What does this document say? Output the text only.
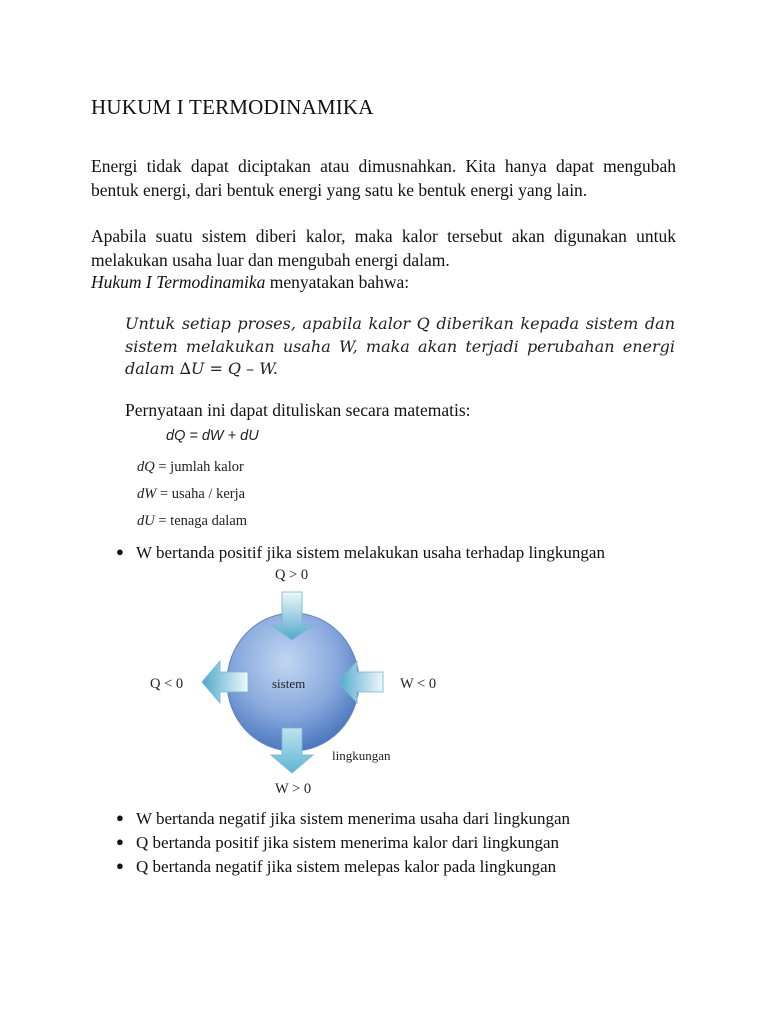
HUKUM I TERMODINAMIKA

Energi tidak dapat diciptakan atau dimusnahkan. Kita hanya dapat mengubah bentuk energi, dari bentuk energi yang satu ke bentuk energi yang lain.

Apabila suatu sistem diberi kalor, maka kalor tersebut akan digunakan untuk melakukan usaha luar dan mengubah energi dalam.

Hukum I Termodinamika menyatakan bahwa:

Untuk setiap proses, apabila kalor Q diberikan kepada sistem dan sistem melakukan usaha W, maka akan terjadi perubahan energi dalam ∆U = Q – W.

Pernyataan ini dapat dituliskan secara matematis:

dQ = dW + dU

dQ = jumlah kalor

dW = usaha / kerja

dU = tenaga dalam

● W bertanda positif jika sistem melakukan usaha terhadap lingkungan

Q > 0

Q < 0	W < 0

W > 0

sistem

lingkungan

● W bertanda negatif jika sistem menerima usaha dari lingkungan

● Q bertanda positif jika sistem menerima kalor dari lingkungan

● Q bertanda negatif jika sistem melepas kalor pada lingkungan
